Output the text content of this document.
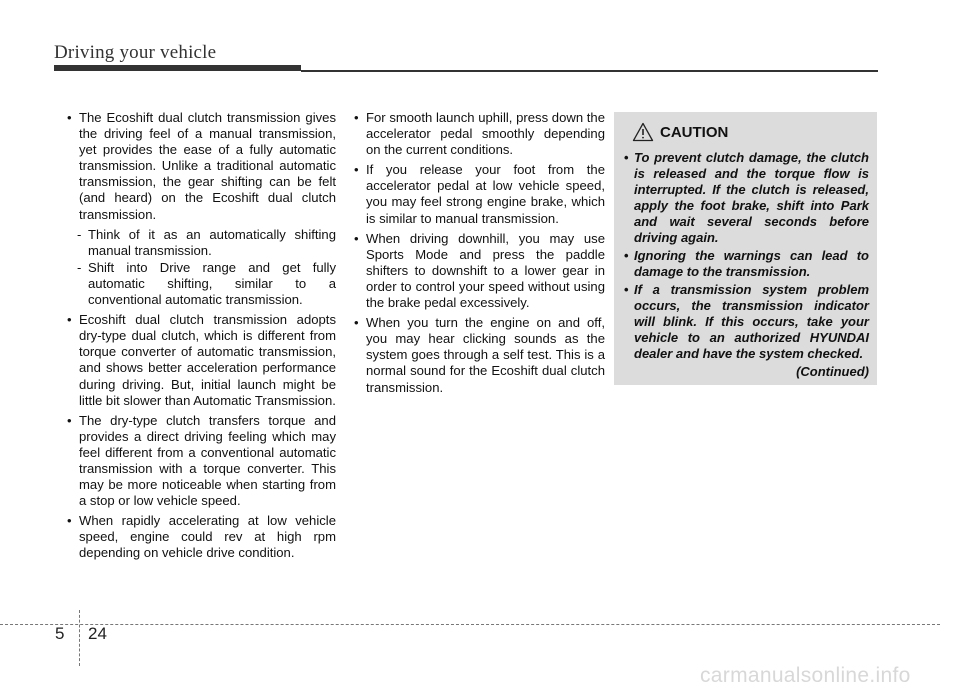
Driving your vehicle
• The Ecoshift dual clutch transmission gives the driving feel of a manual transmission, yet provides the ease of a fully automatic transmission. Unlike a traditional automatic transmission, the gear shifting can be felt (and heard) on the Ecoshift dual clutch transmission.
- Think of it as an automatically shifting manual transmission.
- Shift into Drive range and get fully automatic shifting, similar to a conventional automatic transmission.
• Ecoshift dual clutch transmission adopts dry-type dual clutch, which is different from torque converter of automatic transmission, and shows better acceleration performance during driving. But, initial launch might be little bit slower than Automatic Transmission.
• The dry-type clutch transfers torque and provides a direct driving feeling which may feel different from a conventional automatic transmission with a torque converter. This may be more noticeable when starting from a stop or low vehicle speed.
• When rapidly accelerating at low vehicle speed, engine could rev at high rpm depending on vehicle drive condition.
• For smooth launch uphill, press down the accelerator pedal smoothly depending on the current conditions.
• If you release your foot from the accelerator pedal at low vehicle speed, you may feel strong engine brake, which is similar to manual transmission.
• When driving downhill, you may use Sports Mode and press the paddle shifters to downshift to a lower gear in order to control your speed without using the brake pedal excessively.
• When you turn the engine on and off, you may hear clicking sounds as the system goes through a self test. This is a normal sound for the Ecoshift dual clutch transmission.
CAUTION
• To prevent clutch damage, the clutch is released and the torque flow is interrupted. If the clutch is released, apply the foot brake, shift into Park and wait several seconds before driving again.
• Ignoring the warnings can lead to damage to the transmission.
• If a transmission system problem occurs, the transmission indicator will blink. If this occurs, take your vehicle to an authorized HYUNDAI dealer and have the system checked.
(Continued)
5 24
carmanualsonline.info
